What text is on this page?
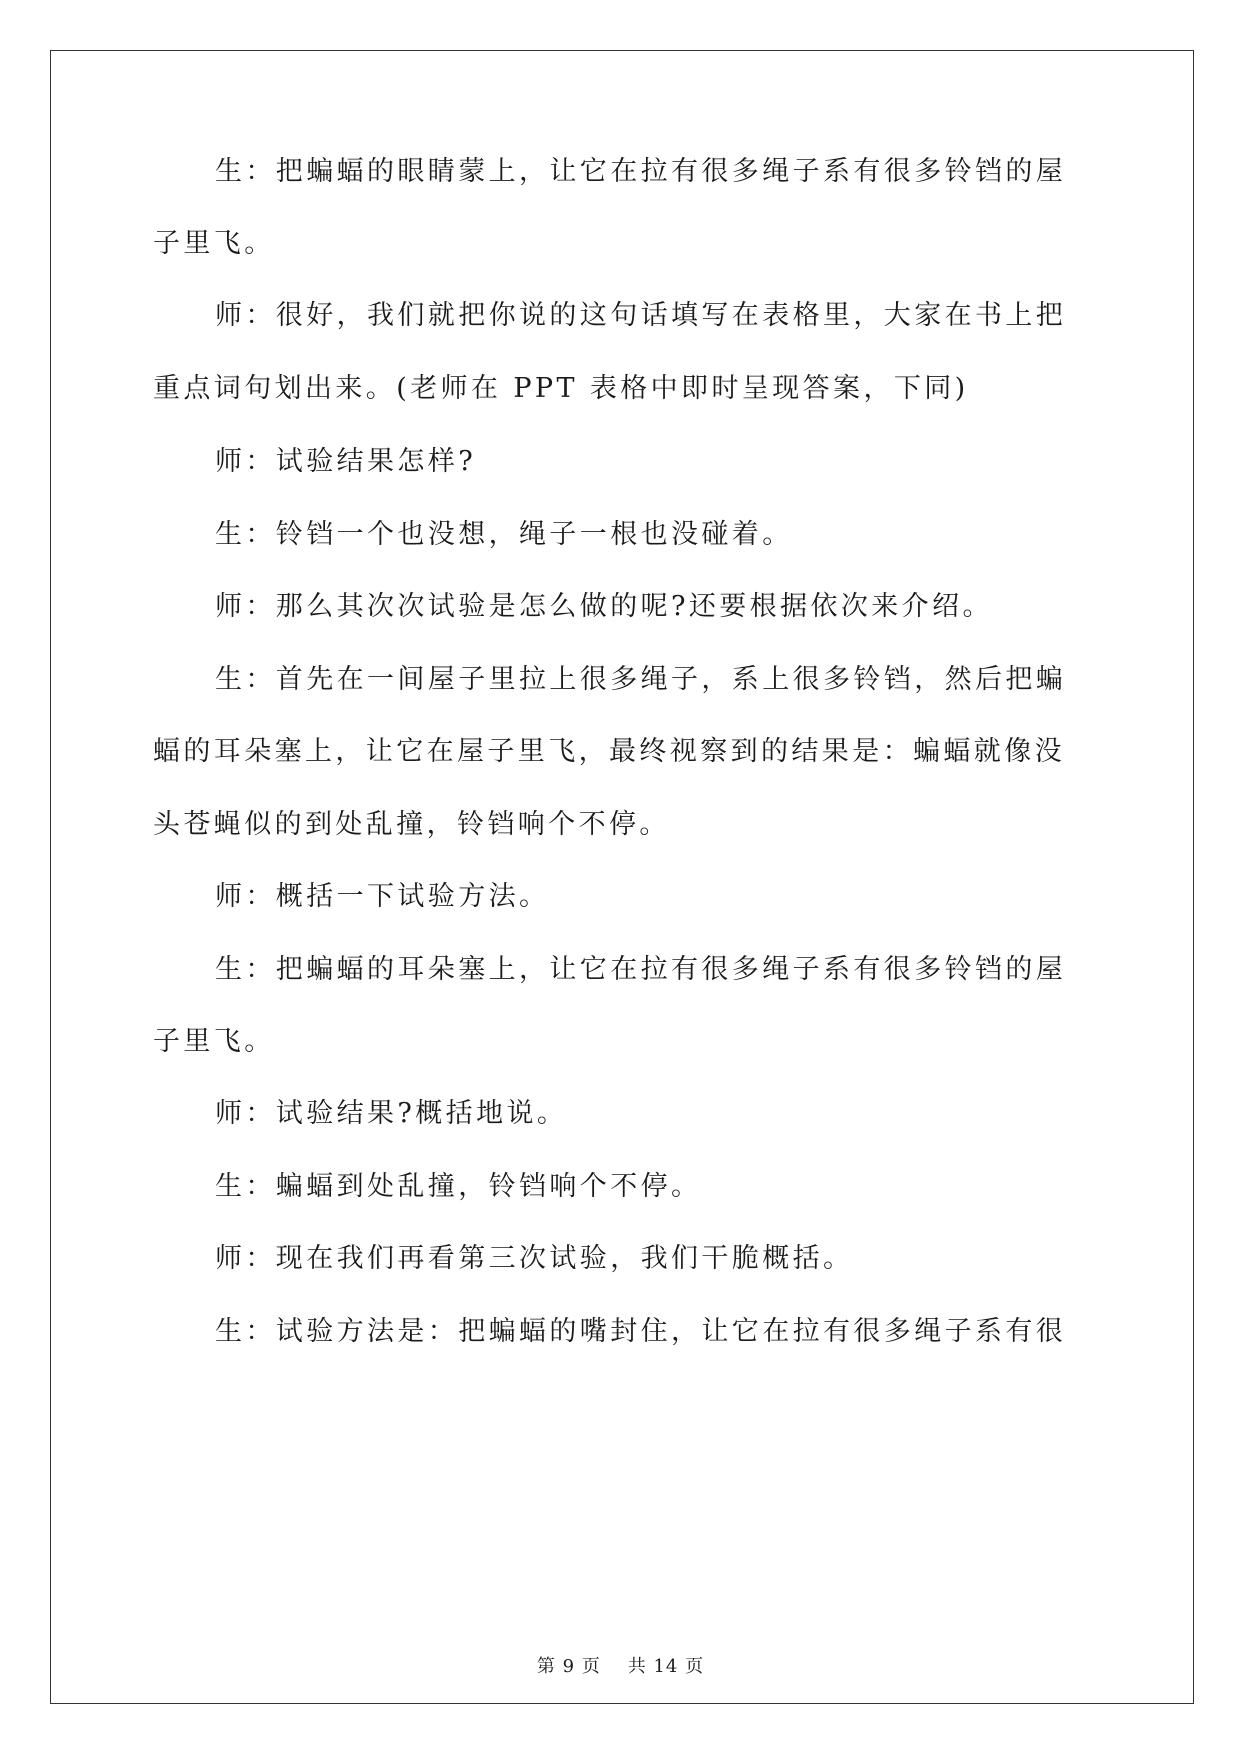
生：把蝙蝠的眼睛蒙上，让它在拉有很多绳子系有很多铃铛的屋

子里飞。

师：很好，我们就把你说的这句话填写在表格里，大家在书上把

重点词句划出来。(老师在 PPT 表格中即时呈现答案，下同)

师：试验结果怎样?

生：铃铛一个也没想，绳子一根也没碰着。

师：那么其次次试验是怎么做的呢?还要根据依次来介绍。

生：首先在一间屋子里拉上很多绳子，系上很多铃铛，然后把蝙

蝠的耳朵塞上，让它在屋子里飞，最终视察到的结果是：蝙蝠就像没

头苍蝇似的到处乱撞，铃铛响个不停。

师：概括一下试验方法。

生：把蝙蝠的耳朵塞上，让它在拉有很多绳子系有很多铃铛的屋

子里飞。

师：试验结果?概括地说。

生：蝙蝠到处乱撞，铃铛响个不停。

师：现在我们再看第三次试验，我们干脆概括。

生：试验方法是：把蝙蝠的嘴封住，让它在拉有很多绳子系有很

第 9 页 共 14 页
